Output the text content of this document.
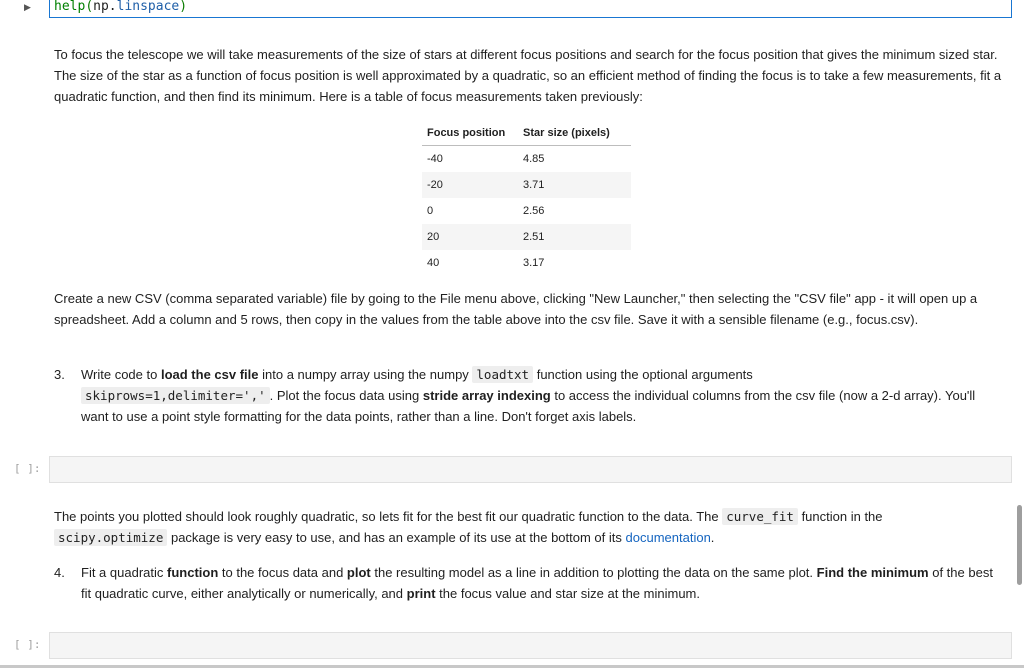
▶	help(np.linspace)
To focus the telescope we will take measurements of the size of stars at different focus positions and search for the focus position that gives the minimum sized star. The size of the star as a function of focus position is well approximated by a quadratic, so an efficient method of finding the focus is to take a few measurements, fit a quadratic function, and then find its minimum. Here is a table of focus measurements taken previously:
Focus position	Star size (pixels)
-40	4.85
-20	3.71
0	2.56
20	2.51
40	3.17
Create a new CSV (comma separated variable) file by going to the File menu above, clicking "New Launcher," then selecting the "CSV file" app - it will open up a spreadsheet. Add a column and 5 rows, then copy in the values from the table above into the csv file. Save it with a sensible filename (e.g., focus.csv).
3. Write code to load the csv file into a numpy array using the numpy loadtxt function using the optional arguments
skiprows=1,delimiter=',' . Plot the focus data using stride array indexing to access the individual columns from the csv file (now a 2-d array). You'll want to use a point style formatting for the data points, rather than a line. Don't forget axis labels.
[ ]:
The points you plotted should look roughly quadratic, so lets fit for the best fit our quadratic function to the data. The curve_fit function in the
scipy.optimize package is very easy to use, and has an example of its use at the bottom of its documentation.
4. Fit a quadratic function to the focus data and plot the resulting model as a line in addition to plotting the data on the same plot. Find the minimum of the best fit quadratic curve, either analytically or numerically, and print the focus value and star size at the minimum.
[ ]:
